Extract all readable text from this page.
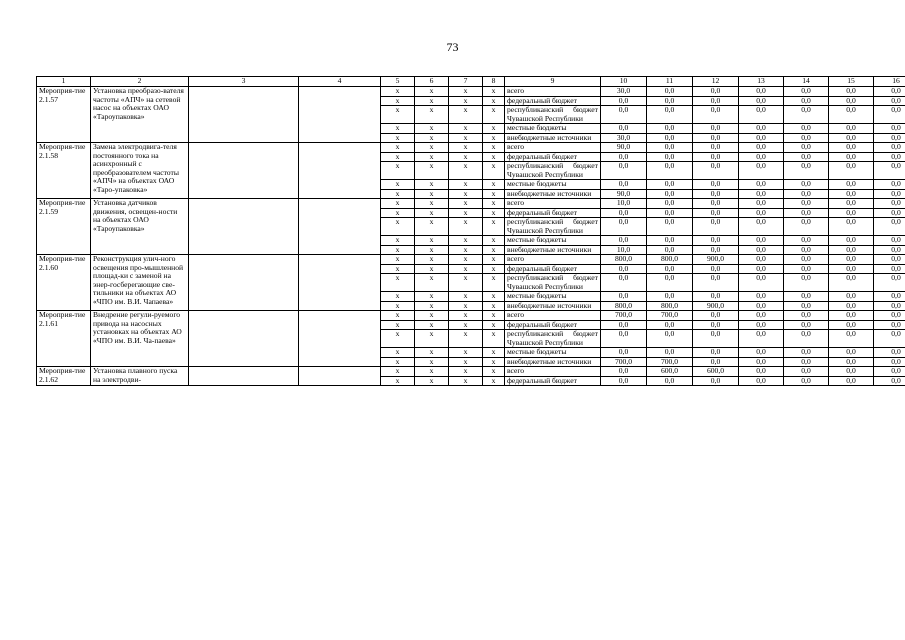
73
1	2	3	4	5	6	7	8	9	10	11	12	13	14	15	16
Мероприя-тие 2.1.57	Установка преобразо-вателя частоты «АПЧ» на сетевой насос на объектах ОАО «Тароупаковка»			x	x	x	x	всего	30,0	0,0	0,0	0,0	0,0	0,0	0,0
				x	x	x	x	федеральный бюджет	0,0	0,0	0,0	0,0	0,0	0,0	0,0
				x	x	x	x	республиканский бюджет Чувашской Республики	0,0	0,0	0,0	0,0	0,0	0,0	0,0
				x	x	x	x	местные бюджеты	0,0	0,0	0,0	0,0	0,0	0,0	0,0
				x	x	x	x	внебюджетные источники	30,0	0,0	0,0	0,0	0,0	0,0	0,0
Мероприя-тие 2.1.58	Замена электродвига-теля постоянного тока на асинхронный с преобразователем частоты «АПЧ» на объектах ОАО «Таро-упаковка»			x	x	x	x	всего	90,0	0,0	0,0	0,0	0,0	0,0	0,0
				x	x	x	x	федеральный бюджет	0,0	0,0	0,0	0,0	0,0	0,0	0,0
				x	x	x	x	республиканский бюджет Чувашской Республики	0,0	0,0	0,0	0,0	0,0	0,0	0,0
				x	x	x	x	местные бюджеты	0,0	0,0	0,0	0,0	0,0	0,0	0,0
				x	x	x	x	внебюджетные источники	90,0	0,0	0,0	0,0	0,0	0,0	0,0
Мероприя-тие 2.1.59	Установка датчиков движения, освещен-ности на объектах ОАО «Тароупаковка»			x	x	x	x	всего	10,0	0,0	0,0	0,0	0,0	0,0	0,0
				x	x	x	x	федеральный бюджет	0,0	0,0	0,0	0,0	0,0	0,0	0,0
				x	x	x	x	республиканский бюджет Чувашской Республики	0,0	0,0	0,0	0,0	0,0	0,0	0,0
				x	x	x	x	местные бюджеты	0,0	0,0	0,0	0,0	0,0	0,0	0,0
				x	x	x	x	внебюджетные источники	10,0	0,0	0,0	0,0	0,0	0,0	0,0
Мероприя-тие 2.1.60	Реконструкция улич-ного освещения про-мышленной площад-ки с заменой на энер-госберегающие све-тильники на объектах АО «ЧПО им. В.И. Чапаева»			x	x	x	x	всего	800,0	800,0	900,0	0,0	0,0	0,0	0,0
				x	x	x	x	федеральный бюджет	0,0	0,0	0,0	0,0	0,0	0,0	0,0
				x	x	x	x	республиканский бюджет Чувашской Республики	0,0	0,0	0,0	0,0	0,0	0,0	0,0
				x	x	x	x	местные бюджеты	0,0	0,0	0,0	0,0	0,0	0,0	0,0
				x	x	x	x	внебюджетные источники	800,0	800,0	900,0	0,0	0,0	0,0	0,0
Мероприя-тие 2.1.61	Внедрение регули-руемого привода на насосных установках на объектах АО «ЧПО им. В.И. Ча-паева»			x	x	x	x	всего	700,0	700,0	0,0	0,0	0,0	0,0	0,0
				x	x	x	x	федеральный бюджет	0,0	0,0	0,0	0,0	0,0	0,0	0,0
				x	x	x	x	республиканский бюджет Чувашской Республики	0,0	0,0	0,0	0,0	0,0	0,0	0,0
				x	x	x	x	местные бюджеты	0,0	0,0	0,0	0,0	0,0	0,0	0,0
				x	x	x	x	внебюджетные источники	700,0	700,0	0,0	0,0	0,0	0,0	0,0
Мероприя-тие 2.1.62	Установка плавного пуска на электродви-			x	x	x	x	всего	0,0	600,0	600,0	0,0	0,0	0,0	0,0
				x	x	x	x	федеральный бюджет	0,0	0,0	0,0	0,0	0,0	0,0	0,0
